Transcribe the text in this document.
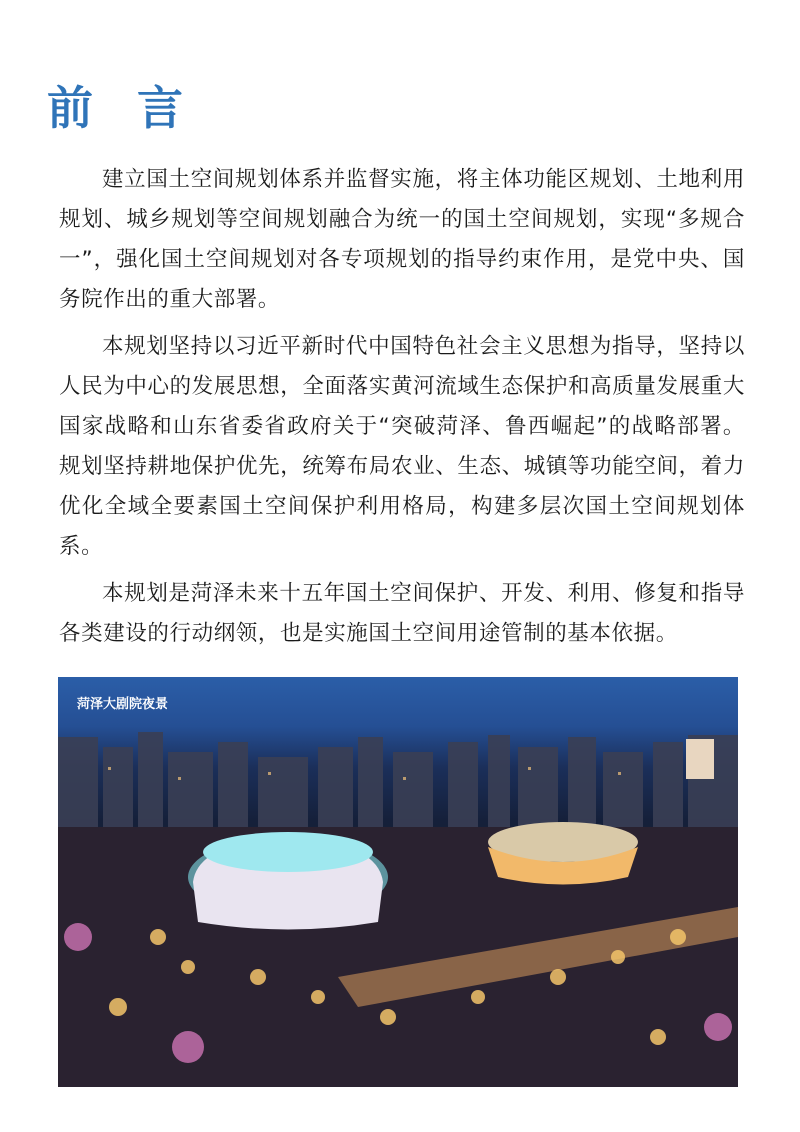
前 言

建立国土空间规划体系并监督实施，将主体功能区规划、土地利用规划、城乡规划等空间规划融合为统一的国土空间规划，实现“多规合一”，强化国土空间规划对各专项规划的指导约束作用，是党中央、国务院作出的重大部署。

本规划坚持以习近平新时代中国特色社会主义思想为指导，坚持以人民为中心的发展思想，全面落实黄河流域生态保护和高质量发展重大国家战略和山东省委省政府关于“突破菏泽、鲁西崛起”的战略部署。规划坚持耕地保护优先，统筹布局农业、生态、城镇等功能空间，着力优化全域全要素国土空间保护利用格局，构建多层次国土空间规划体系。

本规划是菏泽未来十五年国土空间保护、开发、利用、修复和指导各类建设的行动纲领，也是实施国土空间用途管制的基本依据。

菏泽大剧院夜景
